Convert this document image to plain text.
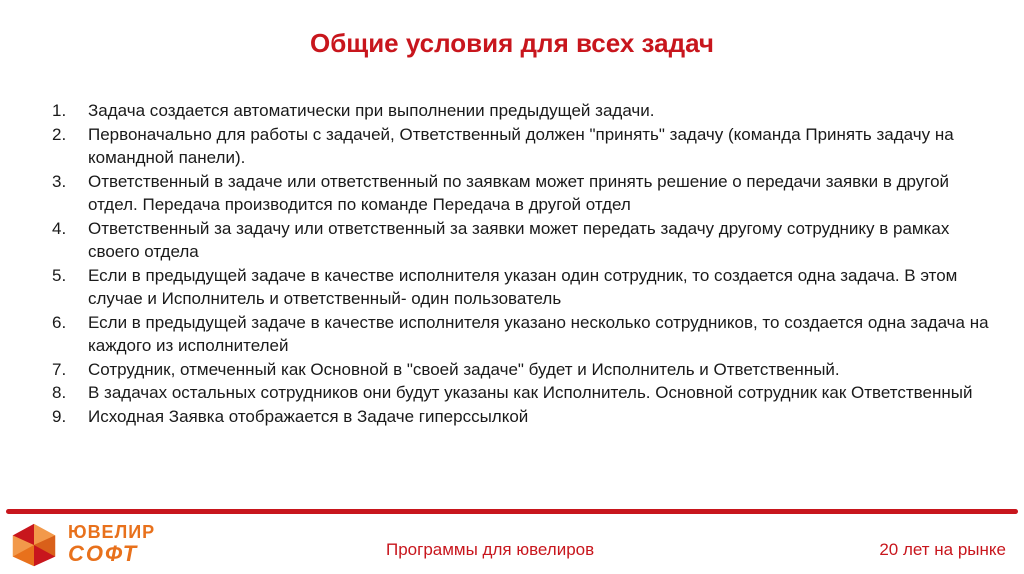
Общие условия для всех задач
1. Задача создается автоматически при выполнении предыдущей задачи.
2. Первоначально для работы с задачей, Ответственный должен "принять" задачу (команда Принять задачу на командной панели).
3. Ответственный в задаче или ответственный по заявкам может принять решение о передачи заявки в другой отдел. Передача производится по команде Передача в другой отдел
4. Ответственный за задачу или ответственный за заявки может передать задачу другому сотруднику в рамках своего отдела
5. Если в предыдущей задаче в качестве исполнителя указан один сотрудник, то создается одна задача. В этом случае и Исполнитель и ответственный- один пользователь
6. Если в предыдущей задаче в качестве исполнителя указано несколько сотрудников, то создается одна задача на каждого из исполнителей
7. Сотрудник, отмеченный как Основной в "своей задаче" будет и Исполнитель и Ответственный.
8. В задачах остальных сотрудников они будут указаны как Исполнитель. Основной сотрудник как Ответственный
9. Исходная Заявка отображается в Задаче гиперссылкой
ЮВЕЛИР
СОФТ	Программы для ювелиров	20 лет на рынке
